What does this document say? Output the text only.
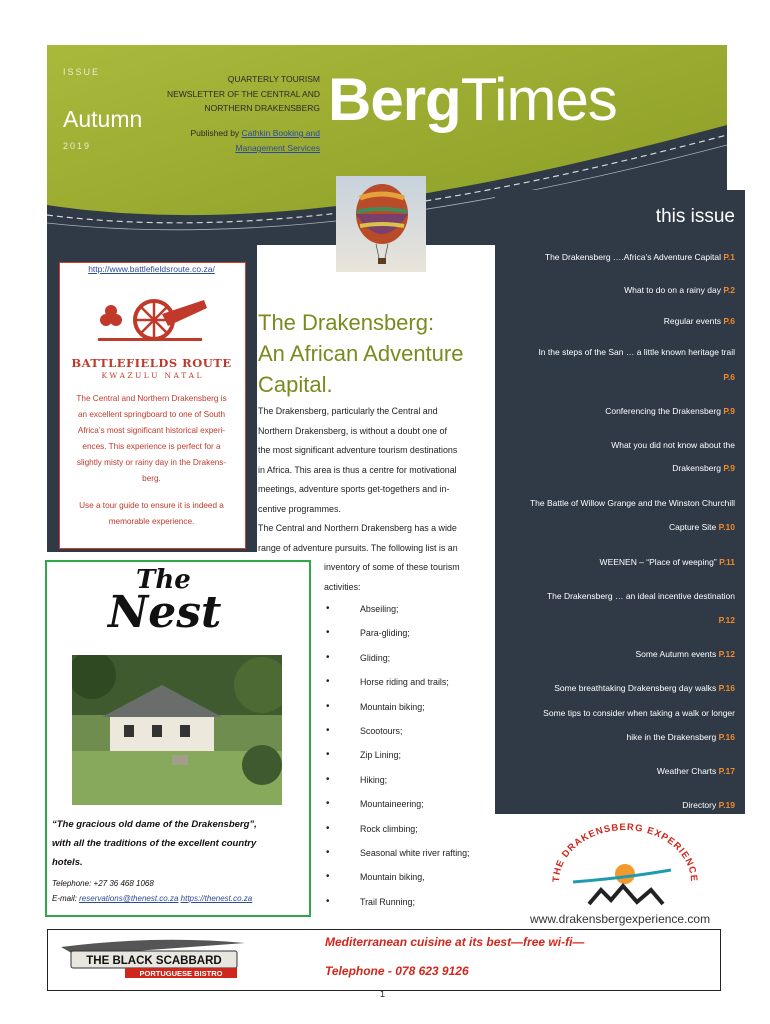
ISSUE
Autumn
2019
QUARTERLY TOURISM
NEWSLETTER OF THE CENTRAL AND
NORTHERN DRAKENSBERG
Published by Cathkin Booking and
Management Services
BergTimes
this issue
The Drakensberg ….Africa’s Adventure Capital P.1
What to do on a rainy day P.2
Regular events P.6
In the steps of the San … a little known heritage trail
P.6
Conferencing the Drakensberg P.9
What you did not know about the
Drakensberg P.9
The Battle of Willow Grange and the Winston Churchill
Capture Site P.10
WEENEN – “Place of weeping” P.11
The Drakensberg … an ideal incentive destination
P.12
Some Autumn events P.12
Some breathtaking Drakensberg day walks P.16
Some tips to consider when taking a walk or longer
hike in the Drakensberg P.16
Weather Charts P.17
Directory P.19
http://www.battlefieldsroute.co.za/
BATTLEFIELDS ROUTE
K W A Z U L U   N A T A L
The Central and Northern Drakensberg is
an excellent springboard to one of South
Africa’s most significant historical experi-
ences. This experience is perfect for a
slightly misty or rainy day in the Drakens-
berg.
Use a tour guide to ensure it is indeed a
memorable experience.
The Drakensberg:
An African Adventure
Capital.
The Drakensberg, particularly the Central and
Northern Drakensberg, is without a doubt one of
the most significant adventure tourism destinations
in Africa. This area is thus a centre for motivational
meetings, adventure sports get-togethers and in-
centive programmes.
The Central and Northern Drakensberg has a wide
range of adventure pursuits. The following list is an
inventory of some of these tourism
activities:
• Abseiling;
• Para-gliding;
• Gliding;
• Horse riding and trails;
• Mountain biking;
• Scootours;
• Zip Lining;
• Hiking;
• Mountaineering;
• Rock climbing;
• Seasonal white river rafting;
• Mountain biking,
• Trail Running;
The
Nest
“The gracious old dame of the Drakensberg”,
with all the traditions of the excellent country
hotels.
Telephone: +27 36 468 1068
E-mail: reservations@thenest.co.za https://thenest.co.za
THE DRAKENSBERG EXPERIENCE
www.drakensbergexperience.com
THE BLACK SCABBARD
PORTUGUESE BISTRO
Mediterranean cuisine at its best—free wi-fi—
Telephone - 078 623 9126
1
